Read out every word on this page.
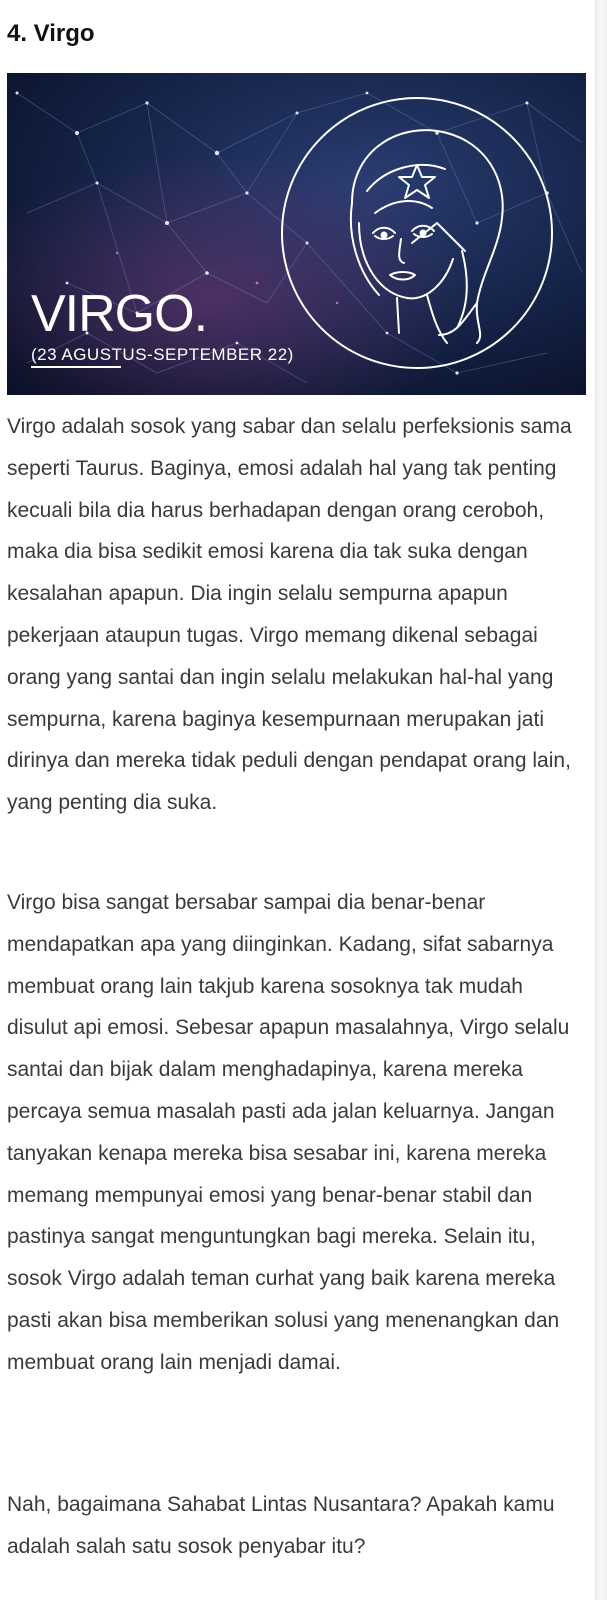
4. Virgo
VIRGO.
(23 AGUSTUS-SEPTEMBER 22)

Virgo adalah sosok yang sabar dan selalu perfeksionis sama seperti Taurus. Baginya, emosi adalah hal yang tak penting kecuali bila dia harus berhadapan dengan orang ceroboh, maka dia bisa sedikit emosi karena dia tak suka dengan kesalahan apapun. Dia ingin selalu sempurna apapun pekerjaan ataupun tugas. Virgo memang dikenal sebagai orang yang santai dan ingin selalu melakukan hal-hal yang sempurna, karena baginya kesempurnaan merupakan jati dirinya dan mereka tidak peduli dengan pendapat orang lain, yang penting dia suka.

Virgo bisa sangat bersabar sampai dia benar-benar mendapatkan apa yang diinginkan. Kadang, sifat sabarnya membuat orang lain takjub karena sosoknya tak mudah disulut api emosi. Sebesar apapun masalahnya, Virgo selalu santai dan bijak dalam menghadapinya, karena mereka percaya semua masalah pasti ada jalan keluarnya. Jangan tanyakan kenapa mereka bisa sesabar ini, karena mereka memang mempunyai emosi yang benar-benar stabil dan pastinya sangat menguntungkan bagi mereka. Selain itu, sosok Virgo adalah teman curhat yang baik karena mereka pasti akan bisa memberikan solusi yang menenangkan dan membuat orang lain menjadi damai.

Nah, bagaimana Sahabat Lintas Nusantara? Apakah kamu adalah salah satu sosok penyabar itu?
